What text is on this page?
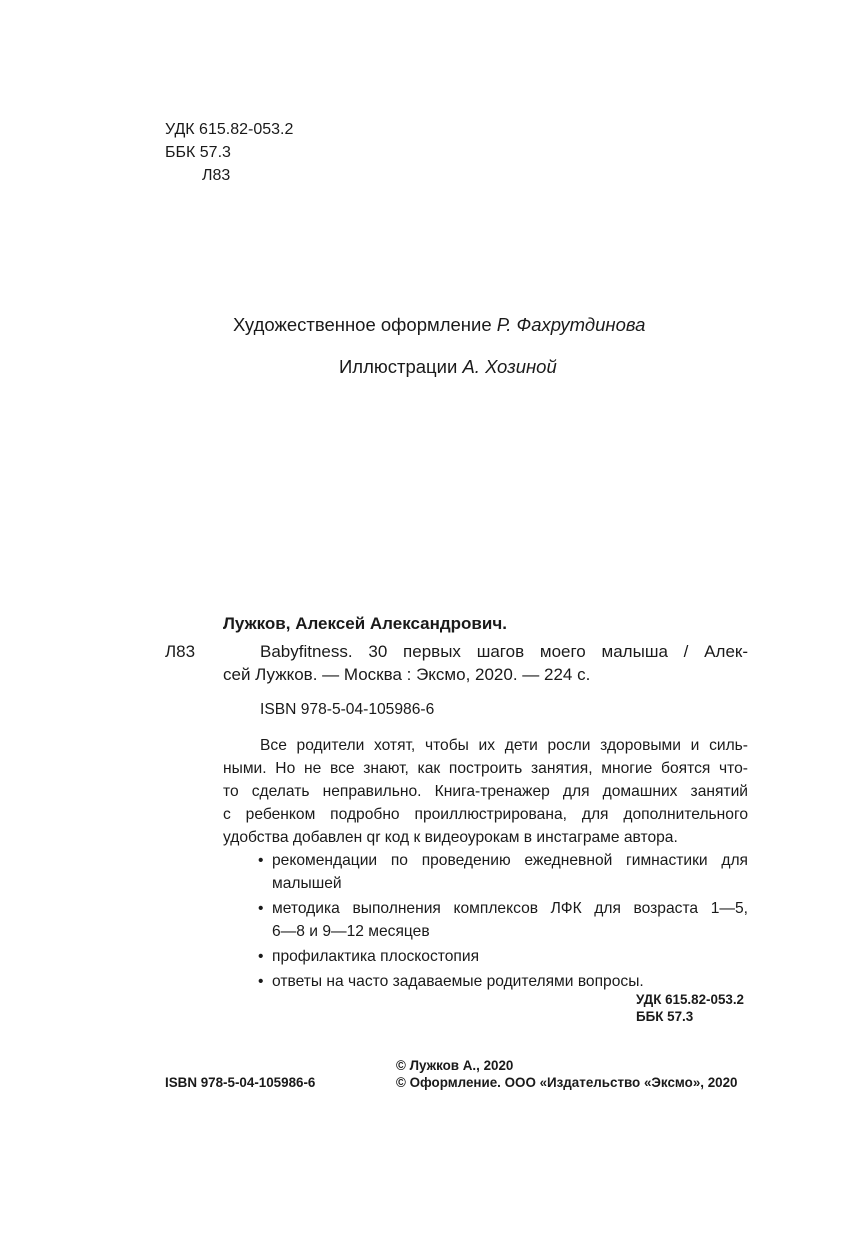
УДК 615.82-053.2
ББК 57.3
Л83
Художественное оформление Р. Фахрутдинова
Иллюстрации А. Хозиной
Лужков, Алексей Александрович.
Л83	Babyfitness. 30 первых шагов моего малыша / Алек-
сей Лужков. — Москва : Эксмо, 2020. — 224 с.
ISBN 978-5-04-105986-6

Все родители хотят, чтобы их дети росли здоровыми и силь-

ными. Но не все знают, как построить занятия, многие боятся что-

то сделать неправильно. Книга-тренажер для домашних занятий

с ребенком подробно проиллюстрирована, для дополнительного

удобства добавлен qr код к видеоурокам в инстаграме автора.

• рекомендации по проведению ежедневной гимнастики для
малышей
• методика выполнения комплексов ЛФК для возраста 1—5,
6—8 и 9—12 месяцев
• профилактика плоскостопия
• ответы на часто задаваемые родителями вопросы.
УДК 615.82-053.2
ББК 57.3
© Лужков А., 2020
ISBN 978-5-04-105986-6	© Оформление. ООО «Издательство «Эксмо», 2020
